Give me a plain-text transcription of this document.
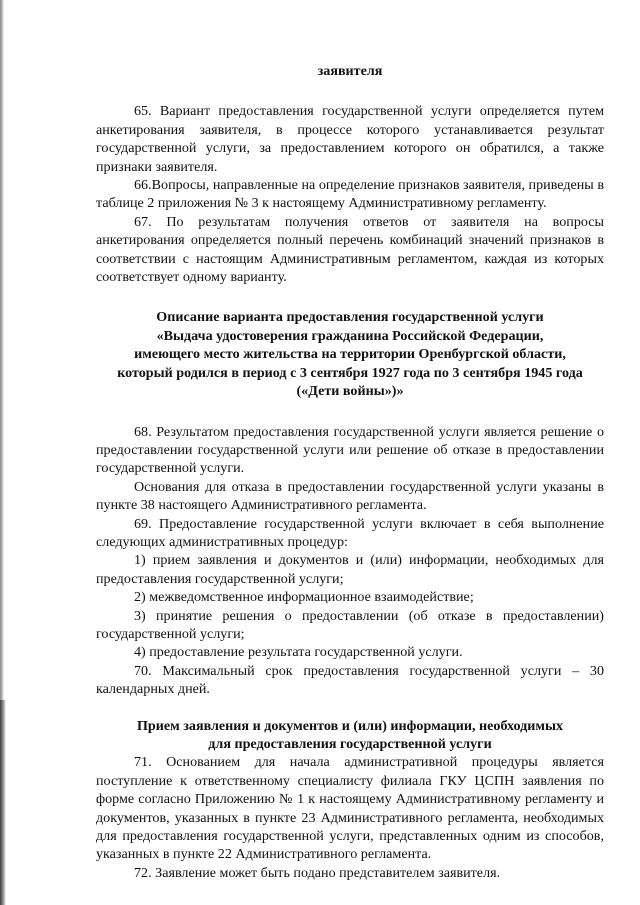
заявителя

65. Вариант предоставления государственной услуги определяется путем анкетирования заявителя, в процессе которого устанавливается результат государственной услуги, за предоставлением которого он обратился, а также признаки заявителя.

66.Вопросы, направленные на определение признаков заявителя, приведены в таблице 2 приложения № 3 к настоящему Административному регламенту.

67. По результатам получения ответов от заявителя на вопросы анкетирования определяется полный перечень комбинаций значений признаков в соответствии с настоящим Административным регламентом, каждая из которых соответствует одному варианту.

Описание варианта предоставления государственной услуги
«Выдача удостоверения гражданина Российской Федерации,
имеющего место жительства на территории Оренбургской области,
который родился в период с 3 сентября 1927 года по 3 сентября 1945 года
(«Дети войны»)»

68. Результатом предоставления государственной услуги является решение о предоставлении государственной услуги или решение об отказе в предоставлении государственной услуги.

Основания для отказа в предоставлении государственной услуги указаны в пункте 38 настоящего Административного регламента.

69. Предоставление государственной услуги включает в себя выполнение следующих административных процедур:

1) прием заявления и документов и (или) информации, необходимых для предоставления государственной услуги;

2) межведомственное информационное взаимодействие;

3) принятие решения о предоставлении (об отказе в предоставлении) государственной услуги;

4) предоставление результата государственной услуги.

70. Максимальный срок предоставления государственной услуги – 30 календарных дней.

Прием заявления и документов и (или) информации, необходимых
для предоставления государственной услуги

71. Основанием для начала административной процедуры является поступление к ответственному специалисту филиала ГКУ ЦСПН заявления по форме согласно Приложению № 1 к настоящему Административному регламенту и документов, указанных в пункте 23 Административного регламента, необходимых для предоставления государственной услуги, представленных одним из способов, указанных в пункте 22 Административного регламента.

72. Заявление может быть подано представителем заявителя.
